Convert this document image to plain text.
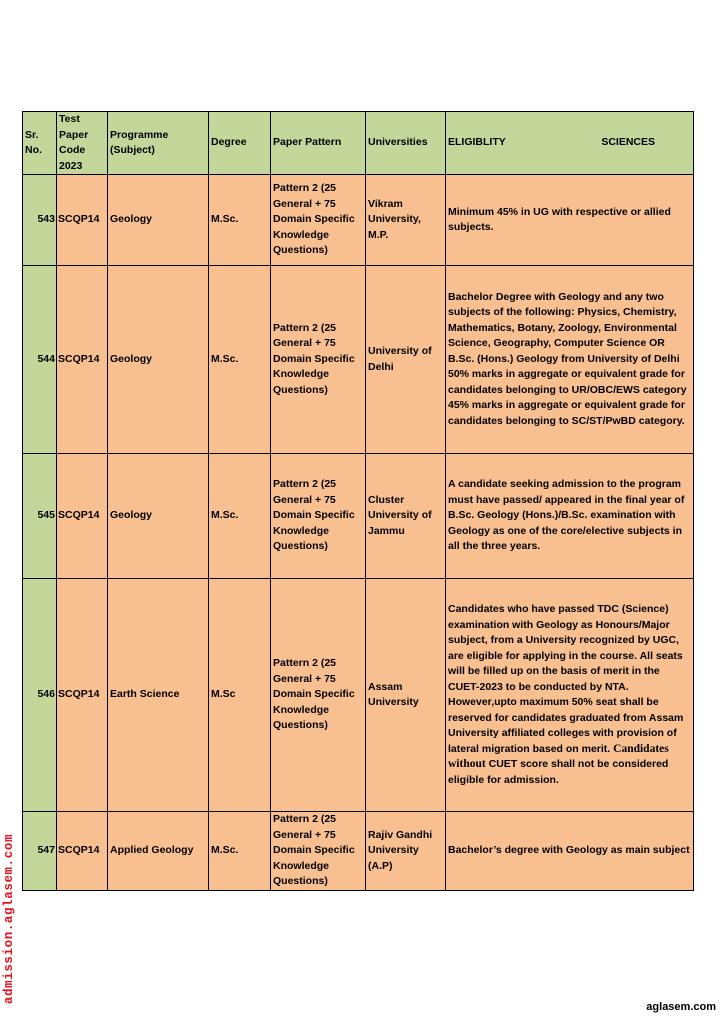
Sr. No.	Test Paper Code 2023	Programme (Subject)	Degree	Paper Pattern	Universities	ELIGIBLITY SCIENCES

543	SCQP14	Geology	M.Sc.	Pattern 2 (25 General + 75 Domain Specific Knowledge Questions)	Vikram University, M.P.	Minimum 45% in UG with respective or allied subjects.
544	SCQP14	Geology	M.Sc.	Pattern 2 (25 General + 75 Domain Specific Knowledge Questions)	University of Delhi	Bachelor Degree with Geology and any two subjects of the following: Physics, Chemistry, Mathematics, Botany, Zoology, Environmental Science, Geography, Computer Science OR B.Sc. (Hons.) Geology from University of Delhi 50% marks in aggregate or equivalent grade for candidates belonging to UR/OBC/EWS category 45% marks in aggregate or equivalent grade for candidates belonging to SC/ST/PwBD category.
545	SCQP14	Geology	M.Sc.	Pattern 2 (25 General + 75 Domain Specific Knowledge Questions)	Cluster University of Jammu	A candidate seeking admission to the program must have passed/ appeared in the final year of B.Sc. Geology (Hons.)/B.Sc. examination with Geology as one of the core/elective subjects in all the three years.
546	SCQP14	Earth Science	M.Sc	Pattern 2 (25 General + 75 Domain Specific Knowledge Questions)	Assam University	Candidates who have passed TDC (Science) examination with Geology as Honours/Major subject, from a University recognized by UGC, are eligible for applying in the course. All seats will be filled up on the basis of merit in the CUET-2023 to be conducted by NTA. However,upto maximum 50% seat shall be reserved for candidates graduated from Assam University affiliated colleges with provision of lateral migration based on merit. Candidates without CUET score shall not be considered eligible for admission.
547	SCQP14	Applied Geology	M.Sc.	Pattern 2 (25 General + 75 Domain Specific Knowledge Questions)	Rajiv Gandhi University (A.P)	Bachelor’s degree with Geology as main subject
admission.aglasem.com
aglasem.com
